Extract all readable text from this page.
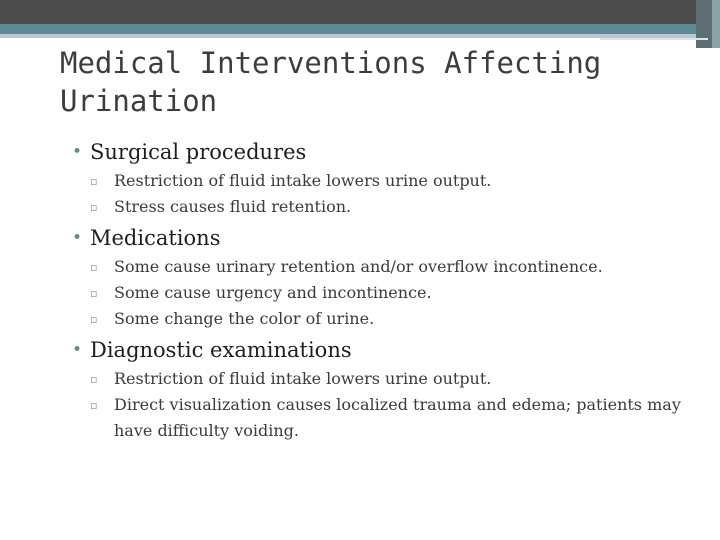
Medical Interventions Affecting Urination
• Surgical procedures
▫ Restriction of fluid intake lowers urine output.
▫ Stress causes fluid retention.
• Medications
▫ Some cause urinary retention and/or overflow incontinence.
▫ Some cause urgency and incontinence.
▫ Some change the color of urine.
• Diagnostic examinations
▫ Restriction of fluid intake lowers urine output.
▫ Direct visualization causes localized trauma and edema; patients may have difficulty voiding.
